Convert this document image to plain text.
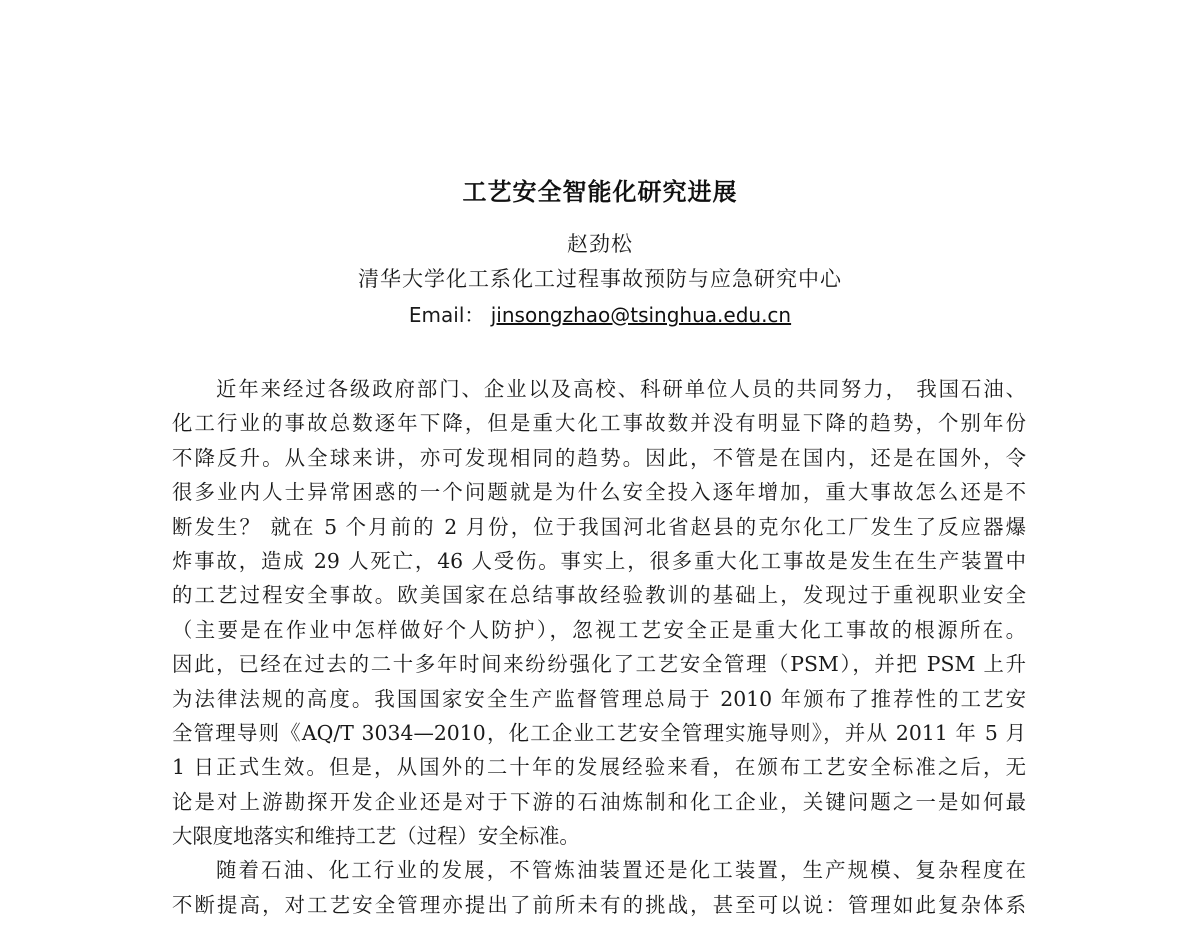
工艺安全智能化研究进展
赵劲松
清华大学化工系化工过程事故预防与应急研究中心
Email： jinsongzhao@tsinghua.edu.cn
近年来经过各级政府部门、企业以及高校、科研单位人员的共同努力， 我国石油、
化工行业的事故总数逐年下降，但是重大化工事故数并没有明显下降的趋势，个别年份
不降反升。从全球来讲，亦可发现相同的趋势。因此，不管是在国内，还是在国外，令
很多业内人士异常困惑的一个问题就是为什么安全投入逐年增加，重大事故怎么还是不
断发生？ 就在 5 个月前的 2 月份，位于我国河北省赵县的克尔化工厂发生了反应器爆
炸事故，造成 29 人死亡，46 人受伤。事实上，很多重大化工事故是发生在生产装置中
的工艺过程安全事故。欧美国家在总结事故经验教训的基础上，发现过于重视职业安全
（主要是在作业中怎样做好个人防护），忽视工艺安全正是重大化工事故的根源所在。
因此，已经在过去的二十多年时间来纷纷强化了工艺安全管理（PSM），并把 PSM 上升
为法律法规的高度。我国国家安全生产监督管理总局于 2010 年颁布了推荐性的工艺安
全管理导则《AQ/T 3034—2010，化工企业工艺安全管理实施导则》，并从 2011 年 5 月
1 日正式生效。但是，从国外的二十年的发展经验来看，在颁布工艺安全标准之后，无
论是对上游勘探开发企业还是对于下游的石油炼制和化工企业，关键问题之一是如何最
大限度地落实和维持工艺（过程）安全标准。
随着石油、化工行业的发展，不管炼油装置还是化工装置，生产规模、复杂程度在
不断提高，对工艺安全管理亦提出了前所未有的挑战，甚至可以说：管理如此复杂体系
